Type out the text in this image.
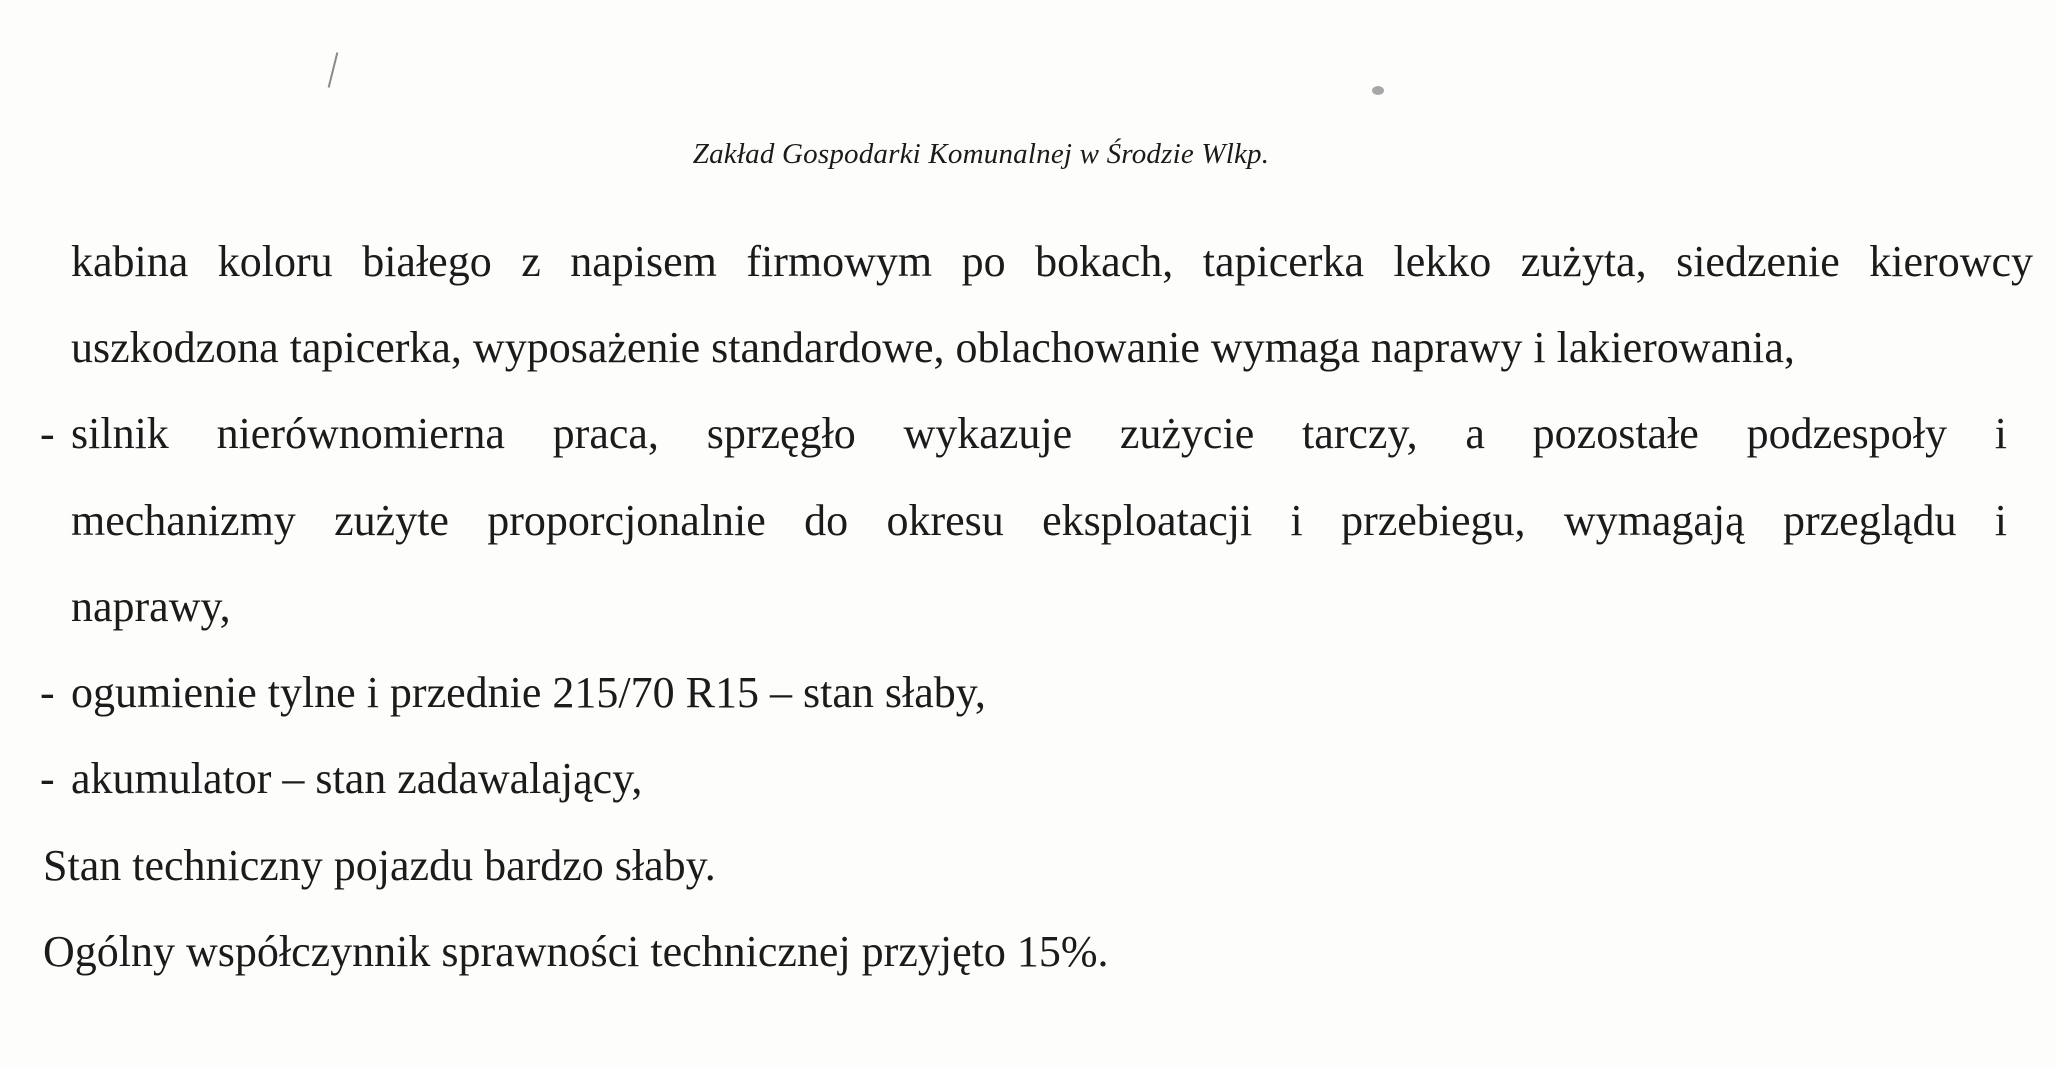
Zakład Gospodarki Komunalnej w Środzie Wlkp.
kabina koloru białego z napisem firmowym po bokach, tapicerka lekko zużyta, siedzenie kierowcy
uszkodzona tapicerka, wyposażenie standardowe, oblachowanie wymaga naprawy i lakierowania,
- silnik nierównomierna praca, sprzęgło wykazuje zużycie tarczy, a pozostałe podzespoły i
mechanizmy zużyte proporcjonalnie do okresu eksploatacji i przebiegu, wymagają przeglądu i
naprawy,
- ogumienie tylne i przednie 215/70 R15 – stan słaby,
- akumulator – stan zadawalający,
Stan techniczny pojazdu bardzo słaby.
Ogólny współczynnik sprawności technicznej przyjęto 15%.
